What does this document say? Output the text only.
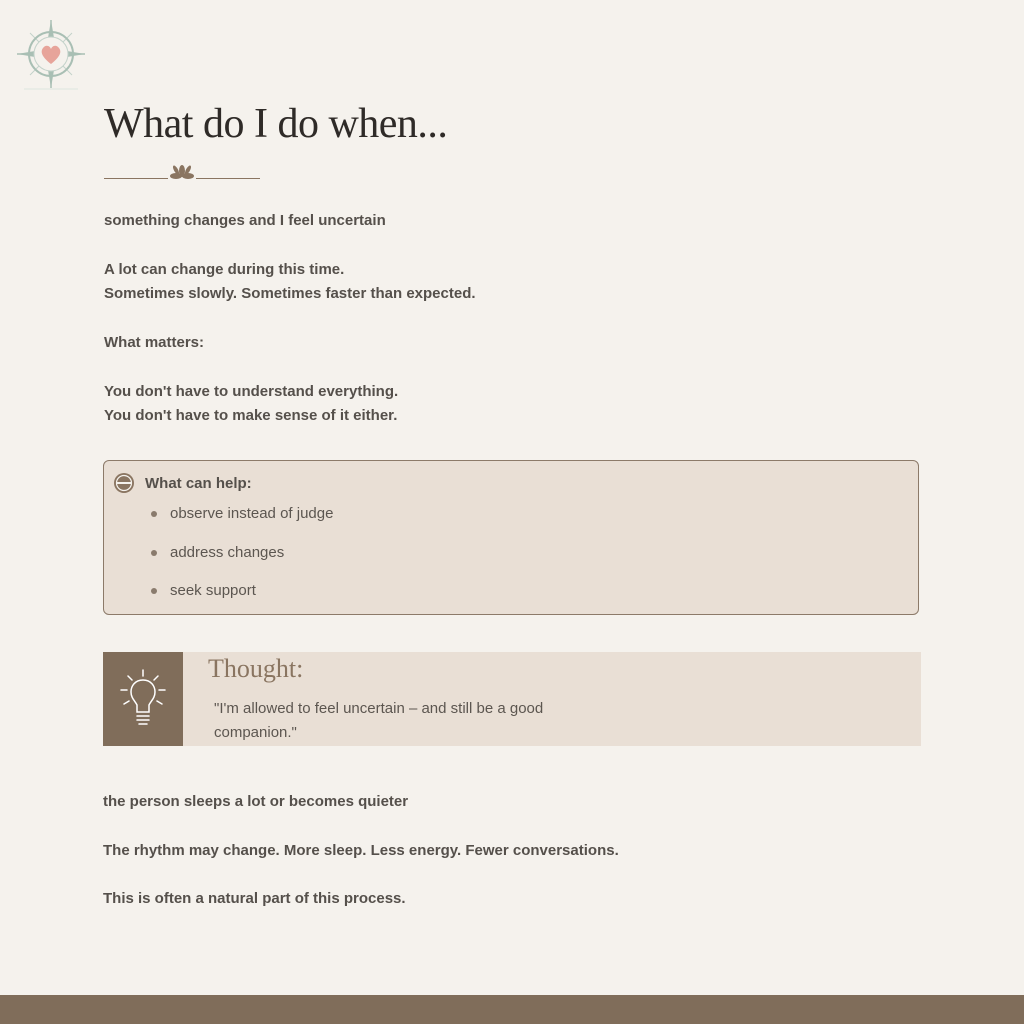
What do I do when...

something changes and I feel uncertain

A lot can change during this time.

Sometimes slowly. Sometimes faster than expected.

What matters:

You don't have to understand everything.

You don't have to make sense of it either.

What can help:
observe instead of judge
address changes
seek support
Thought:
"I'm allowed to feel uncertain – and still be a good companion."

the person sleeps a lot or becomes quieter

The rhythm may change. More sleep. Less energy. Fewer conversations.

This is often a natural part of this process.
